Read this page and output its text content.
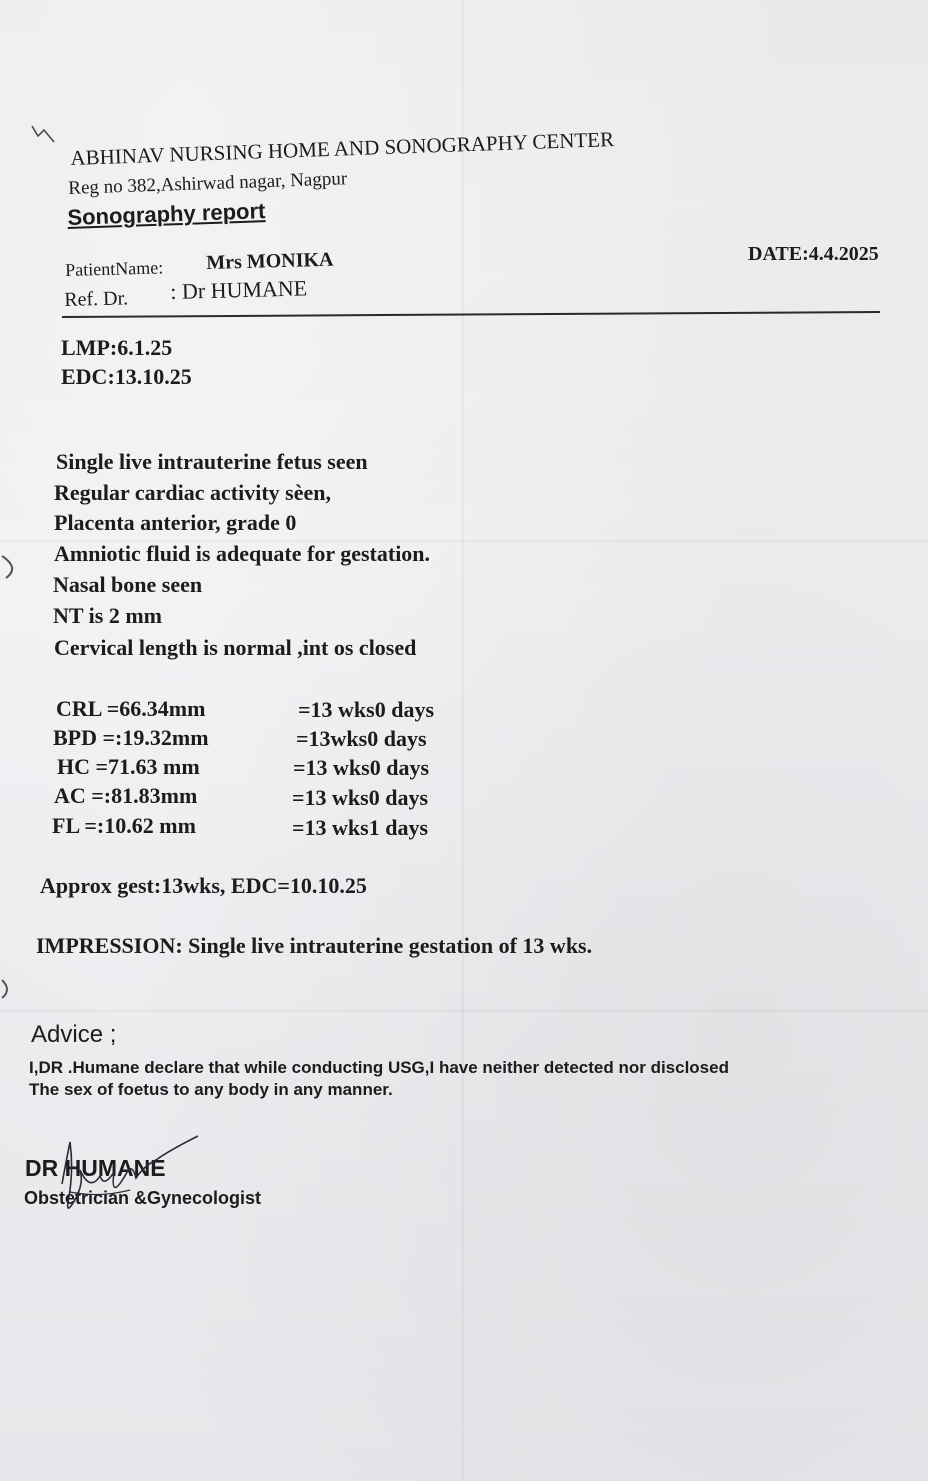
ABHINAV NURSING HOME AND SONOGRAPHY CENTER
Reg no 382,Ashirwad nagar, Nagpur
Sonography report
PatientName: Mrs MONIKA
Ref. Dr. : Dr HUMANE
DATE:4.4.2025
LMP:6.1.25
EDC:13.10.25
Single live intrauterine fetus seen
Regular cardiac activity sèen,
Placenta anterior, grade 0
Amniotic fluid is adequate for gestation.
Nasal bone seen
NT is 2 mm
Cervical length is normal ,int os closed
CRL =66.34mm	=13 wks0 days
BPD =:19.32mm	=13wks0 days
HC =71.63 mm	=13 wks0 days
AC =:81.83mm	=13 wks0 days
FL =:10.62 mm	=13 wks1 days
Approx gest:13wks, EDC=10.10.25
IMPRESSION: Single live intrauterine gestation of 13 wks.
Advice ;
I,DR .Humane declare that while conducting USG,I have neither detected nor disclosed
The sex of foetus to any body in any manner.
DR HUMANE
Obstetrician &Gynecologist
